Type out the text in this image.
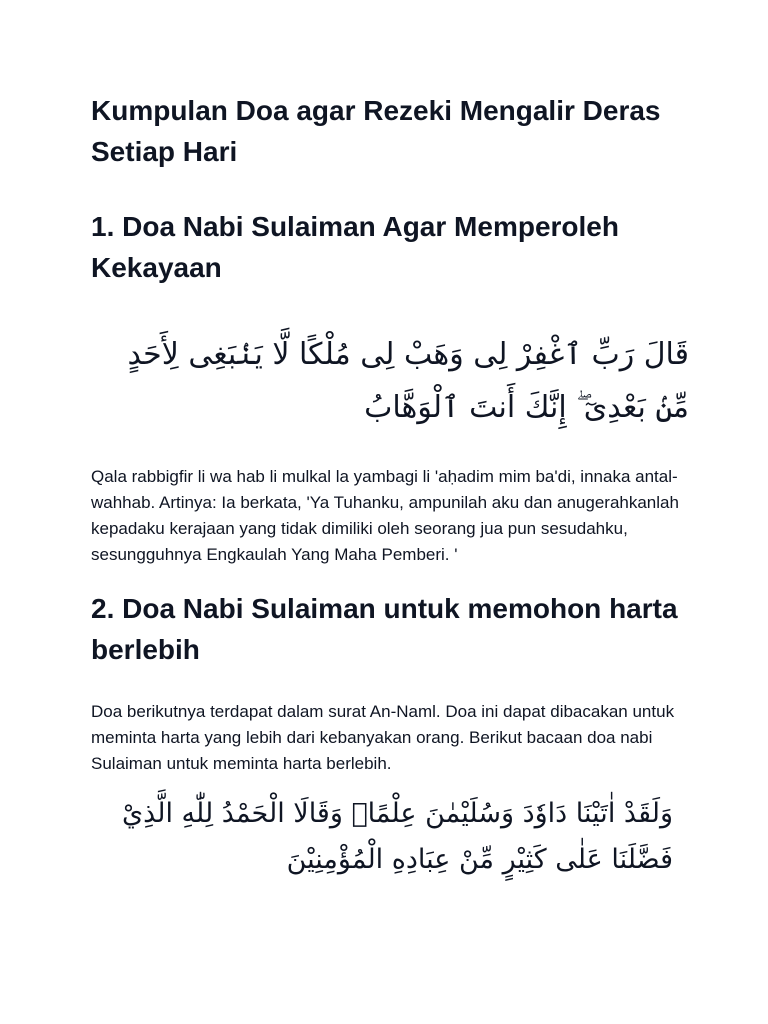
Kumpulan Doa agar Rezeki Mengalir Deras Setiap Hari
1. Doa Nabi Sulaiman Agar Memperoleh Kekayaan

قَالَ رَبِّ ٱغْفِرْ لِى وَهَبْ لِى مُلْكًا لَّا يَنۢبَغِى لِأَحَدٍ مِّنۢ بَعْدِىٓ ۖ إِنَّكَ أَنتَ ٱلْوَهَّابُ

Qala rabbigfir li wa hab li mulkal la yambagi li 'aḥadim mim ba'di, innaka antal-wahhab. Artinya: Ia berkata, 'Ya Tuhanku, ampunilah aku dan anugerahkanlah kepadaku kerajaan yang tidak dimiliki oleh seorang jua pun sesudahku, sesungguhnya Engkaulah Yang Maha Pemberi. '

2. Doa Nabi Sulaiman untuk memohon harta berlebih

Doa berikutnya terdapat dalam surat An-Naml. Doa ini dapat dibacakan untuk meminta harta yang lebih dari kebanyakan orang. Berikut bacaan doa nabi Sulaiman untuk meminta harta berlebih.

وَلَقَدْ اٰتَيْنَا دَاوٗدَ وَسُلَيْمٰنَ عِلْمًاۚ وَقَالَا الْحَمْدُ لِلّٰهِ الَّذِيْ فَضَّلَنَا عَلٰى كَثِيْرٍ مِّنْ عِبَادِهِ الْمُؤْمِنِيْنَ
